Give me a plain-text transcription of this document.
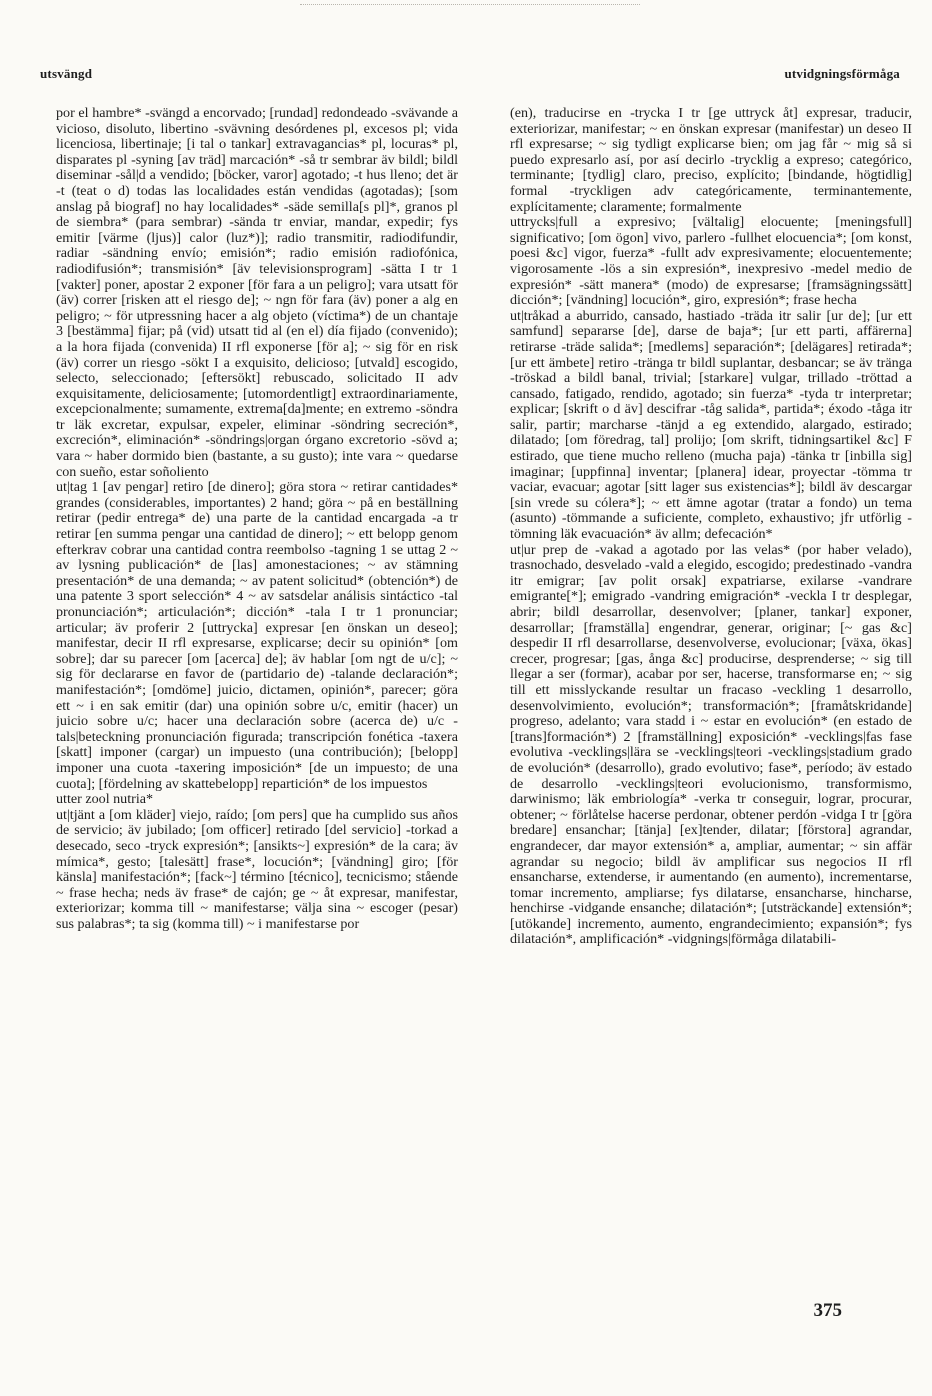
utsvängd	utvidgningsförmåga

por el hambre* -svängd a encorvado; [rundad] redondeado -svävande a vicioso, disoluto, libertino -svävning desórdenes pl, excesos pl; vida licenciosa, libertinaje; [i tal o tankar] extravagancias* pl, locuras* pl, disparates pl -syning [av träd] marcación* -så tr sembrar äv bildl; bildl diseminar -sål|d a vendido; [böcker, varor] agotado; -t hus lleno; det är -t (teat o d) todas las localidades están vendidas (agotadas); [som anslag på biograf] no hay localidades* -säde semilla[s pl]*, granos pl de siembra* (para sembrar) -sända tr enviar, mandar, expedir; fys emitir [värme (ljus)] calor (luz*)]; radio transmitir, radiodifundir, radiar -sändning envío; emisión*; radio emisión radiofónica, radiodifusión*; transmisión* [äv televisionsprogram] -sätta I tr 1 [vakter] poner, apostar 2 exponer [för fara a un peligro]; vara utsatt för (äv) correr [risken att el riesgo de]; ~ ngn för fara (äv) poner a alg en peligro; ~ för utpressning hacer a alg objeto (víctima*) de un chantaje 3 [bestämma] fijar; på (vid) utsatt tid al (en el) día fijado (convenido); a la hora fijada (convenida) II rfl exponerse [för a]; ~ sig för en risk (äv) correr un riesgo -sökt I a exquisito, delicioso; [utvald] escogido, selecto, seleccionado; [eftersökt] rebuscado, solicitado II adv exquisitamente, deliciosamente; [utomordentligt] extraordinariamente, excepcionalmente; sumamente, extrema[da]mente; en extremo -söndra tr läk excretar, expulsar, expeler, eliminar -söndring secreción*, excreción*, eliminación* -söndrings|organ órgano excretorio -sövd a; vara ~ haber dormido bien (bastante, a su gusto); inte vara ~ quedarse con sueño, estar soñoliento

ut|tag 1 [av pengar] retiro [de dinero]; göra stora ~ retirar cantidades* grandes (considerables, importantes) 2 hand; göra ~ på en beställning retirar (pedir entrega* de) una parte de la cantidad encargada -a tr retirar [en summa pengar una cantidad de dinero]; ~ ett belopp genom efterkrav cobrar una cantidad contra reembolso -tagning 1 se uttag 2 ~ av lysning publicación* de [las] amonestaciones; ~ av stämning presentación* de una demanda; ~ av patent solicitud* (obtención*) de una patente 3 sport selección* 4 ~ av satsdelar análisis sintáctico -tal pronunciación*; articulación*; dicción* -tala I tr 1 pronunciar; articular; äv proferir 2 [uttrycka] expresar [en önskan un deseo]; manifestar, decir II rfl expresarse, explicarse; decir su opinión* [om sobre]; dar su parecer [om [acerca] de]; äv hablar [om ngt de u/c]; ~ sig för declararse en favor de (partidario de) -talande declaración*; manifestación*; [omdöme] juicio, dictamen, opinión*, parecer; göra ett ~ i en sak emitir (dar) una opinión sobre u/c, emitir (hacer) un juicio sobre u/c; hacer una declaración sobre (acerca de) u/c -tals|beteckning pronunciación figurada; transcripción fonética -taxera [skatt] imponer (cargar) un impuesto (una contribución); [belopp] imponer una cuota -taxering imposición* [de un impuesto; de una cuota]; [fördelning av skattebelopp] repartición* de los impuestos

utter zool nutria*

ut|tjänt a [om kläder] viejo, raído; [om pers] que ha cumplido sus años de servicio; äv jubilado; [om officer] retirado [del servicio] -torkad a desecado, seco -tryck expresión*; [ansikts~] expresión* de la cara; äv mímica*, gesto; [talesätt] frase*, locución*; [vändning] giro; [för känsla] manifestación*; [fack~] término [técnico], tecnicismo; stående ~ frase hecha; neds äv frase* de cajón; ge ~ åt expresar, manifestar, exteriorizar; komma till ~ manifestarse; välja sina ~ escoger (pesar) sus palabras*; ta sig (komma till) ~ i manifestarse por

(en), traducirse en -trycka I tr [ge uttryck åt] expresar, traducir, exteriorizar, manifestar; ~ en önskan expresar (manifestar) un deseo II rfl expresarse; ~ sig tydligt explicarse bien; om jag får ~ mig så si puedo expresarlo así, por así decirlo -trycklig a expreso; categórico, terminante; [tydlig] claro, preciso, explícito; [bindande, högtidlig] formal -tryckligen adv categóricamente, terminantemente, explícitamente; claramente; formalmente

uttrycks|full a expresivo; [vältalig] elocuente; [meningsfull] significativo; [om ögon] vivo, parlero -fullhet elocuencia*; [om konst, poesi &c] vigor, fuerza* -fullt adv expresivamente; elocuentemente; vigorosamente -lös a sin expresión*, inexpresivo -medel medio de expresión* -sätt manera* (modo) de expresarse; [framsägningssätt] dicción*; [vändning] locución*, giro, expresión*; frase hecha

ut|tråkad a aburrido, cansado, hastiado -träda itr salir [ur de]; [ur ett samfund] separarse [de], darse de baja*; [ur ett parti, affärerna] retirarse -träde salida*; [medlems] separación*; [delägares] retirada*; [ur ett ämbete] retiro -tränga tr bildl suplantar, desbancar; se äv tränga -tröskad a bildl banal, trivial; [starkare] vulgar, trillado -tröttad a cansado, fatigado, rendido, agotado; sin fuerza* -tyda tr interpretar; explicar; [skrift o d äv] descifrar -tåg salida*, partida*; éxodo -tåga itr salir, partir; marcharse -tänjd a eg extendido, alargado, estirado; dilatado; [om föredrag, tal] prolijo; [om skrift, tidningsartikel &c] F estirado, que tiene mucho relleno (mucha paja) -tänka tr [inbilla sig] imaginar; [uppfinna] inventar; [planera] idear, proyectar -tömma tr vaciar, evacuar; agotar [sitt lager sus existencias*]; bildl äv descargar [sin vrede su cólera*]; ~ ett ämne agotar (tratar a fondo) un tema (asunto) -tömmande a suficiente, completo, exhaustivo; jfr utförlig -tömning läk evacuación* äv allm; defecación*

ut|ur prep de -vakad a agotado por las velas* (por haber velado), trasnochado, desvelado -vald a elegido, escogido; predestinado -vandra itr emigrar; [av polit orsak] expatriarse, exilarse -vandrare emigrante[*]; emigrado -vandring emigración* -veckla I tr desplegar, abrir; bildl desarrollar, desenvolver; [planer, tankar] exponer, desarrollar; [framställa] engendrar, generar, originar; [~ gas &c] despedir II rfl desarrollarse, desenvolverse, evolucionar; [växa, ökas] crecer, progresar; [gas, ånga &c] producirse, desprenderse; ~ sig till llegar a ser (formar), acabar por ser, hacerse, transformarse en; ~ sig till ett misslyckande resultar un fracaso -veckling 1 desarrollo, desenvolvimiento, evolución*; transformación*; [framåtskridande] progreso, adelanto; vara stadd i ~ estar en evolución* (en estado de [trans]formación*) 2 [framställning] exposición* -vecklings|fas fase evolutiva -vecklings|lära se -vecklings|teori -vecklings|stadium grado de evolución* (desarrollo), grado evolutivo; fase*, período; äv estado de desarrollo -vecklings|teori evolucionismo, transformismo, darwinismo; läk embriología* -verka tr conseguir, lograr, procurar, obtener; ~ förlåtelse hacerse perdonar, obtener perdón -vidga I tr [göra bredare] ensanchar; [tänja] [ex]tender, dilatar; [förstora] agrandar, engrandecer, dar mayor extensión* a, ampliar, aumentar; ~ sin affär agrandar su negocio; bildl äv amplificar sus negocios II rfl ensancharse, extenderse, ir aumentando (en aumento), incrementarse, tomar incremento, ampliarse; fys dilatarse, ensancharse, hincharse, henchirse -vidgande ensanche; dilatación*; [utsträckande] extensión*; [utökande] incremento, aumento, engrandecimiento; expansión*; fys dilatación*, amplificación* -vidgnings|förmåga dilatabili-

375
